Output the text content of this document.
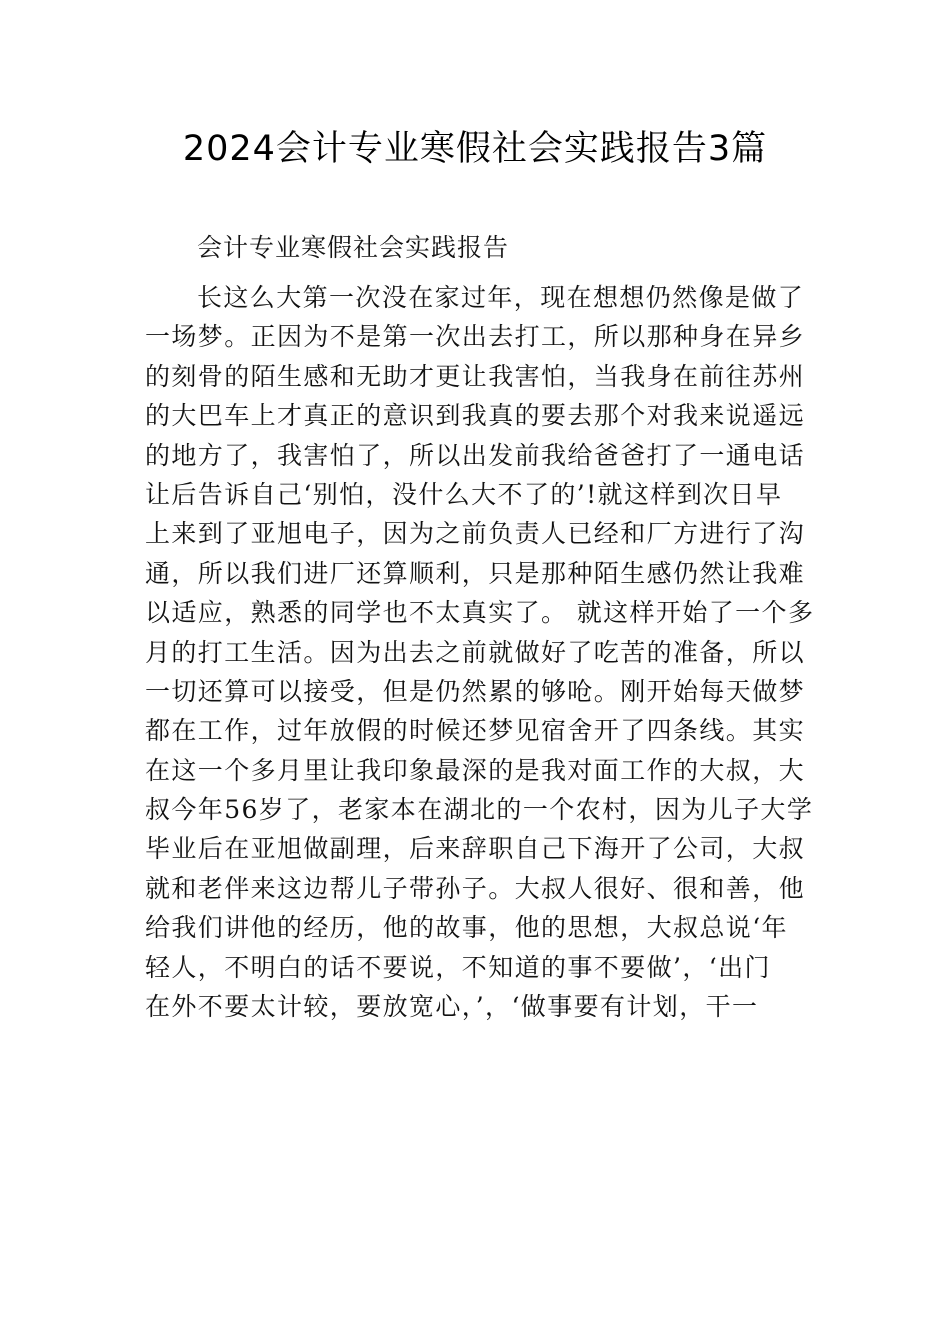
2024会计专业寒假社会实践报告3篇

会计专业寒假社会实践报告

长这么大第一次没在家过年，现在想想仍然像是做了

一场梦。正因为不是第一次出去打工，所以那种身在异乡

的刻骨的陌生感和无助才更让我害怕，当我身在前往苏州

的大巴车上才真正的意识到我真的要去那个对我来说遥远

的地方了，我害怕了，所以出发前我给爸爸打了一通电话

让后告诉自己‘别怕，没什么大不了的’!就这样到次日早

上来到了亚旭电子，因为之前负责人已经和厂方进行了沟

通，所以我们进厂还算顺利，只是那种陌生感仍然让我难

以适应，熟悉的同学也不太真实了。 就这样开始了一个多

月的打工生活。因为出去之前就做好了吃苦的准备，所以

一切还算可以接受，但是仍然累的够呛。刚开始每天做梦

都在工作，过年放假的时候还梦见宿舍开了四条线。其实

在这一个多月里让我印象最深的是我对面工作的大叔，大

叔今年56岁了，老家本在湖北的一个农村，因为儿子大学

毕业后在亚旭做副理，后来辞职自己下海开了公司，大叔

就和老伴来这边帮儿子带孙子。大叔人很好、很和善，他

给我们讲他的经历，他的故事，他的思想，大叔总说‘年

轻人，不明白的话不要说，不知道的事不要做’，‘出门

在外不要太计较，要放宽心，’，‘做事要有计划，干一
